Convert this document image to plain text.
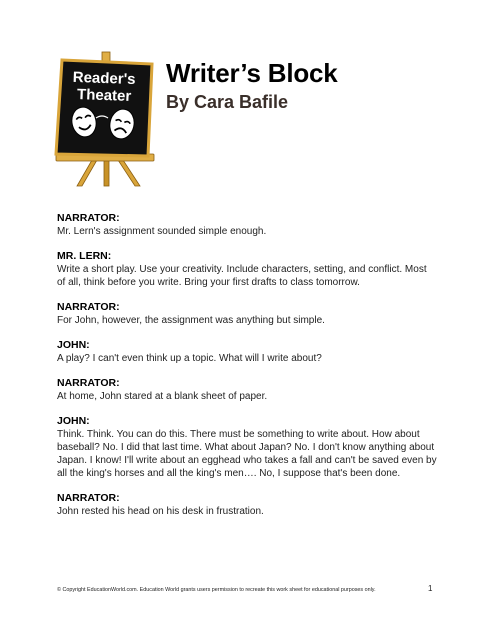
Reader's
Theater
Writer’s Block
By Cara Bafile
NARRATOR:
Mr. Lern's assignment sounded simple enough.
MR. LERN:
Write a short play. Use your creativity. Include characters, setting, and conflict. Most of all, think before you write. Bring your first drafts to class tomorrow.
NARRATOR:
For John, however, the assignment was anything but simple.
JOHN:
A play? I can't even think up a topic. What will I write about?
NARRATOR:
At home, John stared at a blank sheet of paper.
JOHN:
Think. Think. You can do this. There must be something to write about. How about baseball? No. I did that last time. What about Japan? No. I don't know anything about Japan. I know! I'll write about an egghead who takes a fall and can't be saved even by all the king's horses and all the king's men…. No, I suppose that's been done.
NARRATOR:
John rested his head on his desk in frustration.
© Copyright EducationWorld.com. Education World grants users permission to recreate this work sheet for educational purposes only.	1
